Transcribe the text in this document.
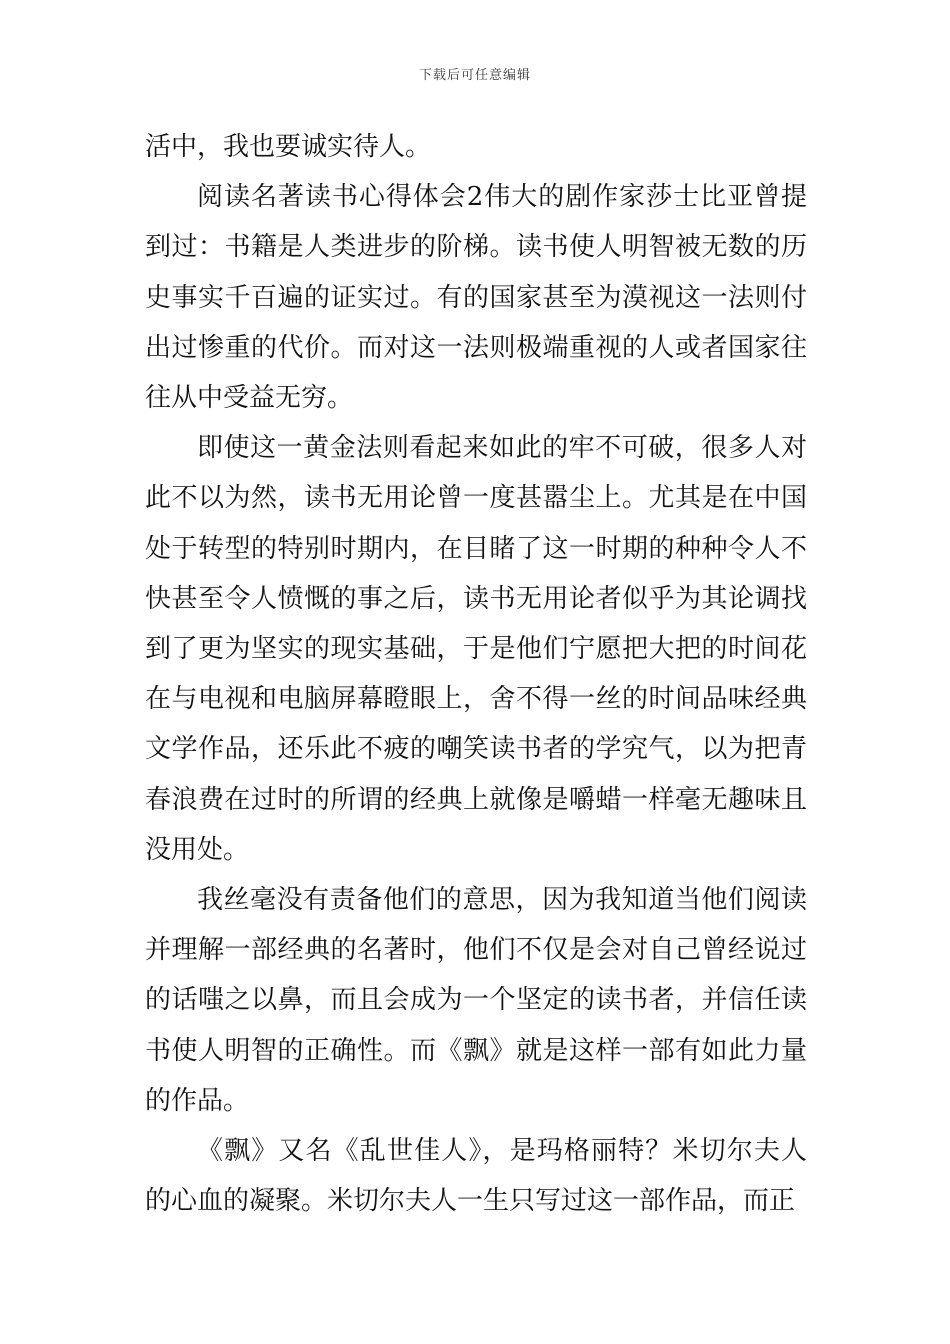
下载后可任意编辑

活中，我也要诚实待人。

阅读名著读书心得体会2伟大的剧作家莎士比亚曾提到过：书籍是人类进步的阶梯。读书使人明智被无数的历史事实千百遍的证实过。有的国家甚至为漠视这一法则付出过惨重的代价。而对这一法则极端重视的人或者国家往往从中受益无穷。

即使这一黄金法则看起来如此的牢不可破，很多人对此不以为然，读书无用论曾一度甚嚣尘上。尤其是在中国处于转型的特别时期内，在目睹了这一时期的种种令人不快甚至令人愤慨的事之后，读书无用论者似乎为其论调找到了更为坚实的现实基础，于是他们宁愿把大把的时间花在与电视和电脑屏幕瞪眼上，舍不得一丝的时间品味经典文学作品，还乐此不疲的嘲笑读书者的学究气，以为把青春浪费在过时的所谓的经典上就像是嚼蜡一样毫无趣味且没用处。

我丝毫没有责备他们的意思，因为我知道当他们阅读并理解一部经典的名著时，他们不仅是会对自己曾经说过的话嗤之以鼻，而且会成为一个坚定的读书者，并信任读书使人明智的正确性。而《飘》就是这样一部有如此力量的作品。

《飘》又名《乱世佳人》，是玛格丽特？米切尔夫人的心血的凝聚。米切尔夫人一生只写过这一部作品，而正
